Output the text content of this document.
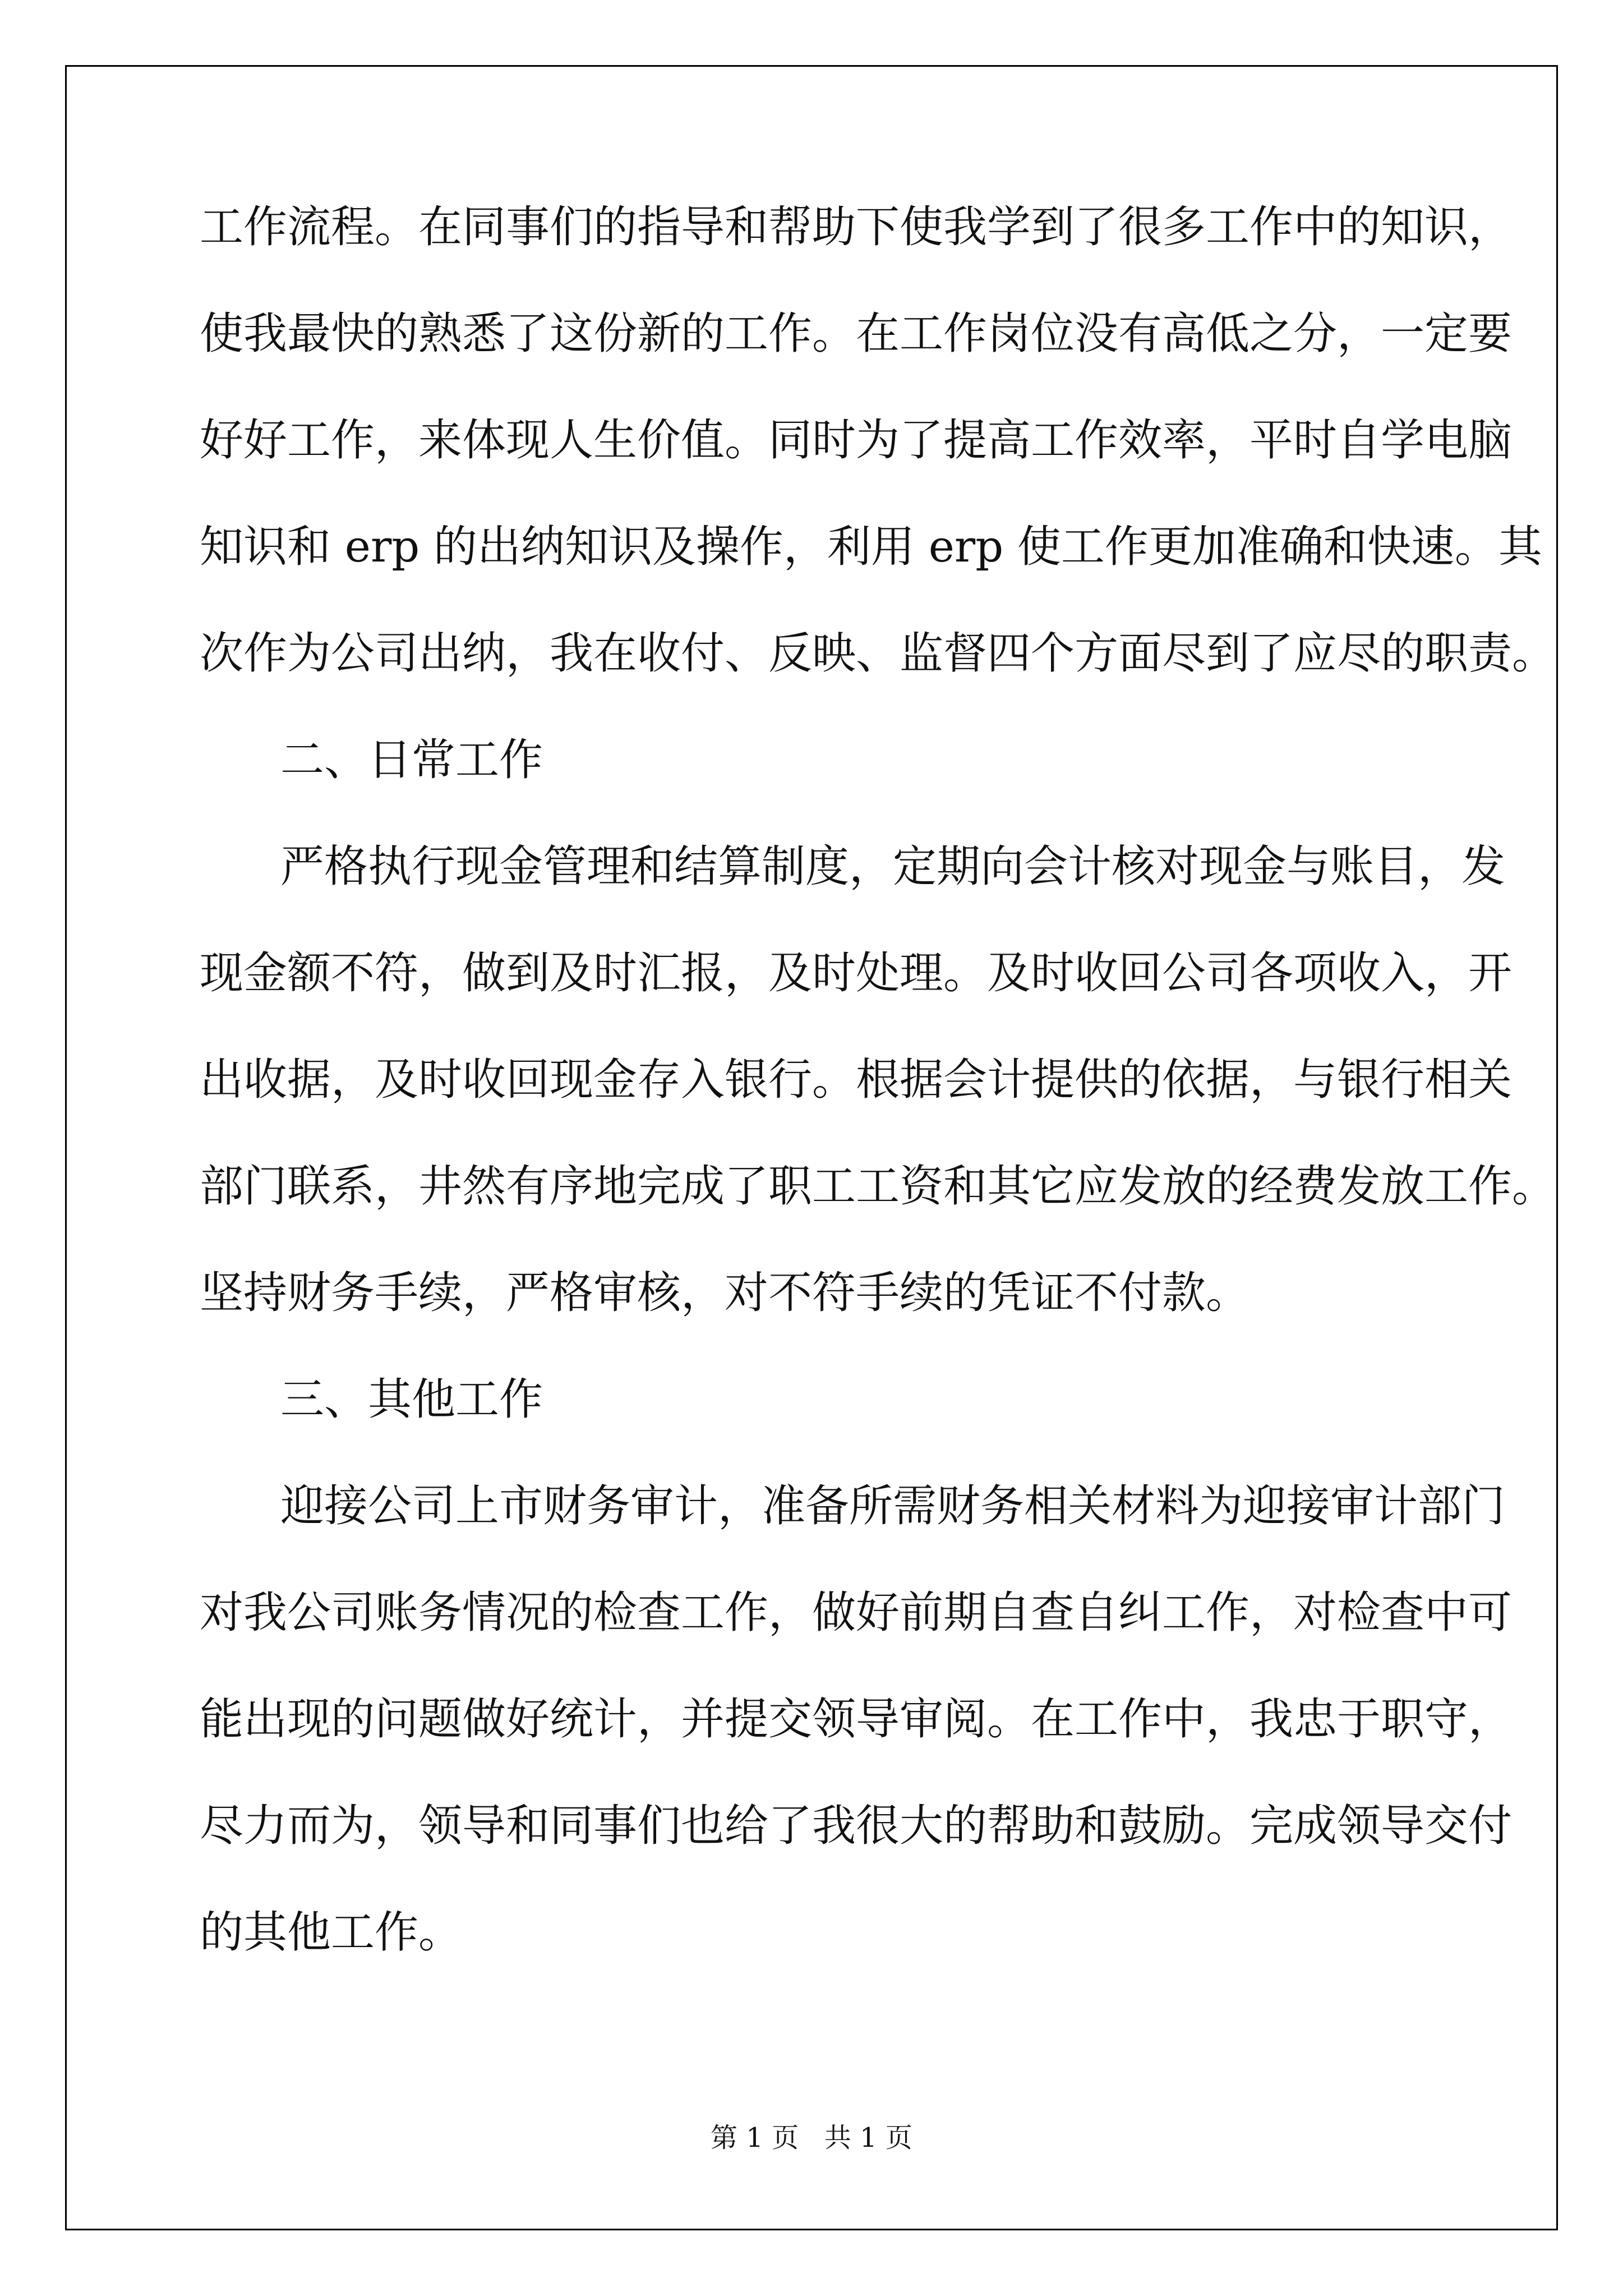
工作流程。在同事们的指导和帮助下使我学到了很多工作中的知识，
使我最快的熟悉了这份新的工作。在工作岗位没有高低之分，一定要
好好工作，来体现人生价值。同时为了提高工作效率，平时自学电脑
知识和 erp 的出纳知识及操作，利用 erp 使工作更加准确和快速。其
次作为公司出纳，我在收付、反映、监督四个方面尽到了应尽的职责。
二、日常工作
严格执行现金管理和结算制度，定期向会计核对现金与账目，发
现金额不符，做到及时汇报，及时处理。及时收回公司各项收入，开
出收据，及时收回现金存入银行。根据会计提供的依据，与银行相关
部门联系，井然有序地完成了职工工资和其它应发放的经费发放工作。
坚持财务手续，严格审核，对不符手续的凭证不付款。
三、其他工作
迎接公司上市财务审计，准备所需财务相关材料为迎接审计部门
对我公司账务情况的检查工作，做好前期自查自纠工作，对检查中可
能出现的问题做好统计，并提交领导审阅。在工作中，我忠于职守，
尽力而为，领导和同事们也给了我很大的帮助和鼓励。完成领导交付
的其他工作。
第 1 页   共 1 页
